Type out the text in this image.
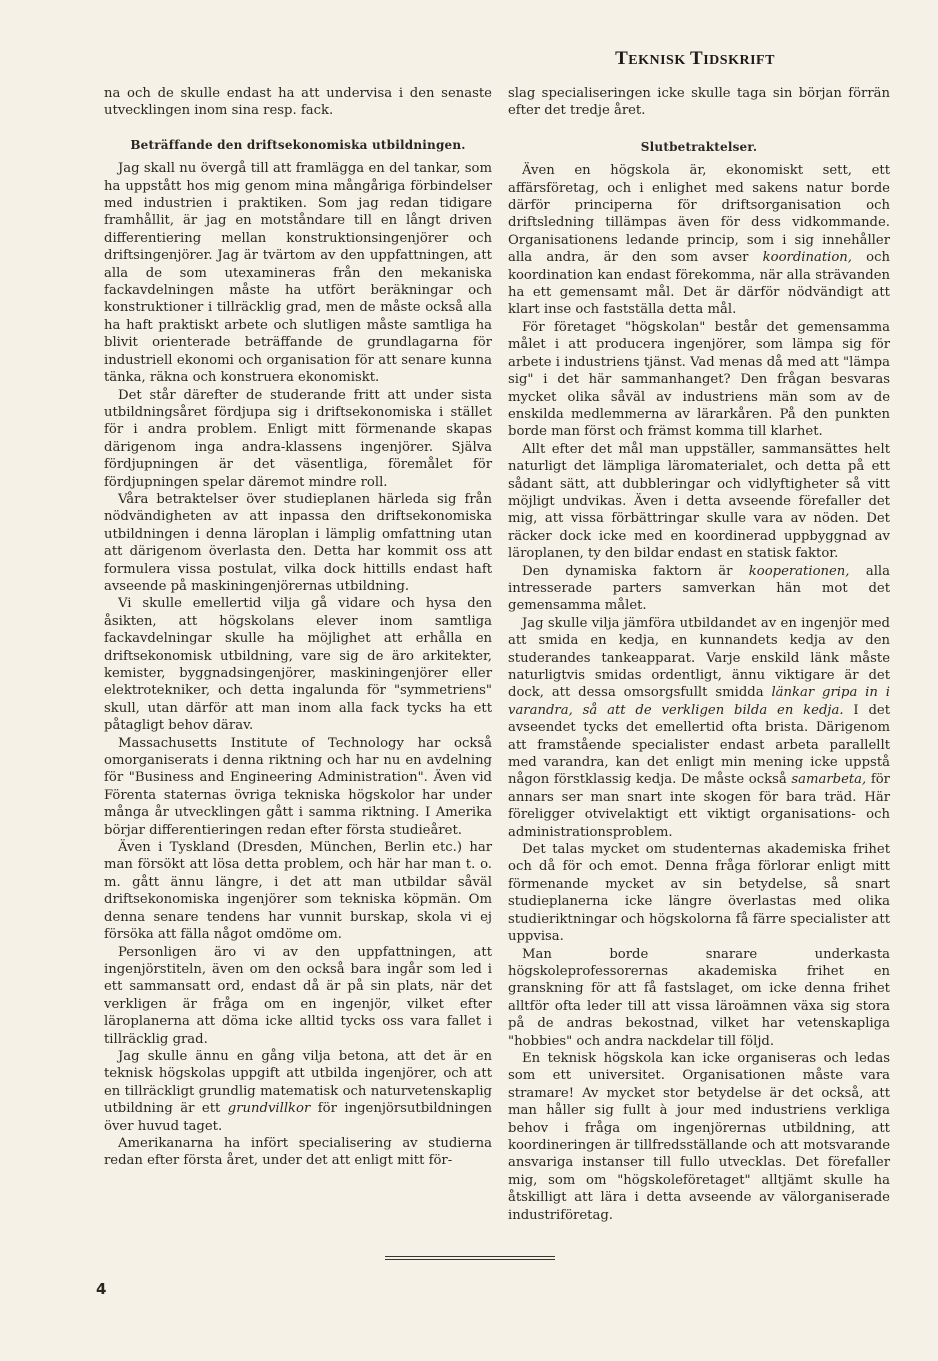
TEKNISK  TIDSKRIFT

na och de skulle endast ha att undervisa i den senaste utvecklingen inom sina resp. fack.

Beträffande den driftsekonomiska utbildningen.

Jag skall nu övergå till att framlägga en del tankar, som ha uppstått hos mig genom mina mångåriga förbindelser med industrien i praktiken. Som jag redan tidigare framhållit, är jag en motståndare till en långt driven differentiering mellan konstruktionsingenjörer och driftsingenjörer. Jag är tvärtom av den uppfattningen, att alla de som utexamineras från den mekaniska fackavdelningen måste ha utfört beräkningar och konstruktioner i tillräcklig grad, men de måste också alla ha haft praktiskt arbete och slutligen måste samtliga ha blivit orienterade beträffande de grundlagarna för industriell ekonomi och organisation för att senare kunna tänka, räkna och konstruera ekonomiskt.

Det står därefter de studerande fritt att under sista utbildningsåret fördjupa sig i driftsekonomiska i stället för i andra problem. Enligt mitt förmenande skapas därigenom inga andra-klassens ingenjörer. Själva fördjupningen är det väsentliga, föremålet för fördjupningen spelar däremot mindre roll.

Våra betraktelser över studieplanen härleda sig från nödvändigheten av att inpassa den driftsekonomiska utbildningen i denna läroplan i lämplig omfattning utan att därigenom överlasta den. Detta har kommit oss att formulera vissa postulat, vilka dock hittills endast haft avseende på maskiningenjörernas utbildning.

Vi skulle emellertid vilja gå vidare och hysa den åsikten, att högskolans elever inom samtliga fackavdelningar skulle ha möjlighet att erhålla en driftsekonomisk utbildning, vare sig de äro arkitekter, kemister, byggnadsingenjörer, maskiningenjörer eller elektrotekniker, och detta ingalunda för "symmetriens" skull, utan därför att man inom alla fack tycks ha ett påtagligt behov därav.

Massachusetts Institute of Technology har också omorganiserats i denna riktning och har nu en avdelning för "Business and Engineering Administration". Även vid Förenta staternas övriga tekniska högskolor har under många år utvecklingen gått i samma riktning. I Amerika börjar differentieringen redan efter första studieåret.

Även i Tyskland (Dresden, München, Berlin etc.) har man försökt att lösa detta problem, och här har man t. o. m. gått ännu längre, i det att man utbildar såväl driftsekonomiska ingenjörer som tekniska köpmän. Om denna senare tendens har vunnit burskap, skola vi ej försöka att fälla något omdöme om.

Personligen äro vi av den uppfattningen, att ingenjörstiteln, även om den också bara ingår som led i ett sammansatt ord, endast då är på sin plats, när det verkligen är fråga om en ingenjör, vilket efter läroplanerna att döma icke alltid tycks oss vara fallet i tillräcklig grad.

Jag skulle ännu en gång vilja betona, att det är en teknisk högskolas uppgift att utbilda ingenjörer, och att en tillräckligt grundlig matematisk och naturvetenskaplig utbildning är ett grundvillkor för ingenjörsutbildningen över huvud taget.

Amerikanarna ha infört specialisering av studierna redan efter första året, under det att enligt mitt för-

slag specialiseringen icke skulle taga sin början förrän efter det tredje året.

Slutbetraktelser.

Även en högskola är, ekonomiskt sett, ett affärsföretag, och i enlighet med sakens natur borde därför principerna för driftsorganisation och driftsledning tillämpas även för dess vidkommande. Organisationens ledande princip, som i sig innehåller alla andra, är den som avser koordination, och koordination kan endast förekomma, när alla strävanden ha ett gemensamt mål. Det är därför nödvändigt att klart inse och fastställa detta mål.

För företaget "högskolan" består det gemensamma målet i att producera ingenjörer, som lämpa sig för arbete i industriens tjänst. Vad menas då med att "lämpa sig" i det här sammanhanget? Den frågan besvaras mycket olika såväl av industriens män som av de enskilda medlemmerna av lärarkåren. På den punkten borde man först och främst komma till klarhet.

Allt efter det mål man uppställer, sammansättes helt naturligt det lämpliga läromaterialet, och detta på ett sådant sätt, att dubbleringar och vidlyftigheter så vitt möjligt undvikas. Även i detta avseende förefaller det mig, att vissa förbättringar skulle vara av nöden. Det räcker dock icke med en koordinerad uppbyggnad av läroplanen, ty den bildar endast en statisk faktor.

Den dynamiska faktorn är kooperationen, alla intresserade parters samverkan hän mot det gemensamma målet.

Jag skulle vilja jämföra utbildandet av en ingenjör med att smida en kedja, en kunnandets kedja av den studerandes tankeapparat. Varje enskild länk måste naturligtvis smidas ordentligt, ännu viktigare är det dock, att dessa omsorgsfullt smidda länkar gripa in i varandra, så att de verkligen bilda en kedja. I det avseendet tycks det emellertid ofta brista. Därigenom att framstående specialister endast arbeta parallellt med varandra, kan det enligt min mening icke uppstå någon förstklassig kedja. De måste också samarbeta, för annars ser man snart inte skogen för bara träd. Här föreligger otvivelaktigt ett viktigt organisations- och administrationsproblem.

Det talas mycket om studenternas akademiska frihet och då för och emot. Denna fråga förlorar enligt mitt förmenande mycket av sin betydelse, så snart studieplanerna icke längre överlastas med olika studieriktningar och högskolorna få färre specialister att uppvisa.

Man borde snarare underkasta högskoleprofessorernas akademiska frihet en granskning för att få fastslaget, om icke denna frihet alltför ofta leder till att vissa läroämnen växa sig stora på de andras bekostnad, vilket har vetenskapliga "hobbies" och andra nackdelar till följd.

En teknisk högskola kan icke organiseras och ledas som ett universitet. Organisationen måste vara stramare! Av mycket stor betydelse är det också, att man håller sig fullt à jour med industriens verkliga behov i fråga om ingenjörernas utbildning, att koordineringen är tillfredsställande och att motsvarande ansvariga instanser till fullo utvecklas. Det förefaller mig, som om "högskoleföretaget" alltjämt skulle ha åtskilligt att lära i detta avseende av välorganiserade industriföretag.

4
